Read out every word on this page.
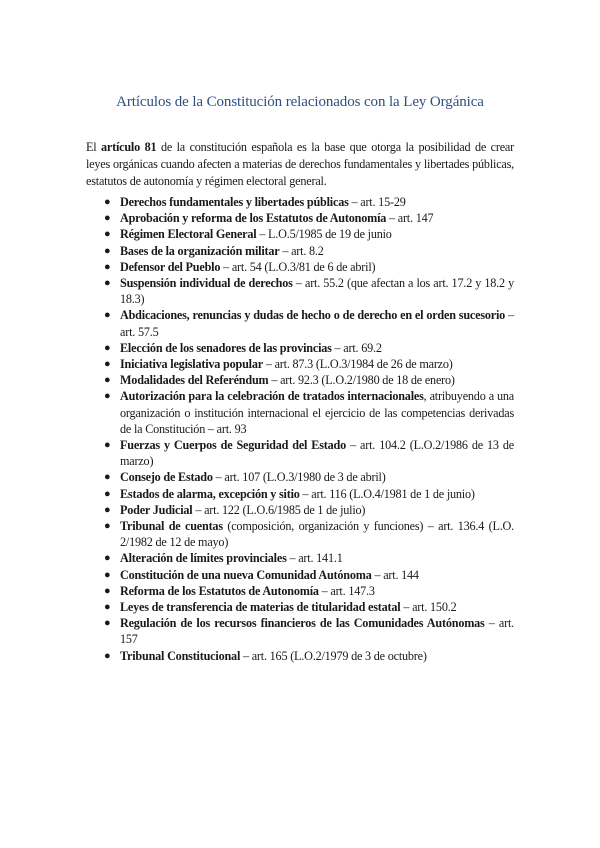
Artículos de la Constitución relacionados con la Ley Orgánica

El artículo 81 de la constitución española es la base que otorga la posibilidad de crear leyes orgánicas cuando afecten a materias de derechos fundamentales y libertades públicas, estatutos de autonomía y régimen electoral general.

● Derechos fundamentales y libertades públicas – art. 15-29
● Aprobación y reforma de los Estatutos de Autonomía – art. 147
● Régimen Electoral General – L.O.5/1985 de 19 de junio
● Bases de la organización militar – art. 8.2
● Defensor del Pueblo – art. 54 (L.O.3/81 de 6 de abril)
● Suspensión individual de derechos – art. 55.2 (que afectan a los art. 17.2 y 18.2 y 18.3)
● Abdicaciones, renuncias y dudas de hecho o de derecho en el orden sucesorio – art. 57.5
● Elección de los senadores de las provincias – art. 69.2
● Iniciativa legislativa popular – art. 87.3 (L.O.3/1984 de 26 de marzo)
● Modalidades del Referéndum – art. 92.3 (L.O.2/1980 de 18 de enero)
● Autorización para la celebración de tratados internacionales, atribuyendo a una organización o institución internacional el ejercicio de las competencias derivadas de la Constitución – art. 93
● Fuerzas y Cuerpos de Seguridad del Estado – art. 104.2 (L.O.2/1986 de 13 de marzo)
● Consejo de Estado – art. 107 (L.O.3/1980 de 3 de abril)
● Estados de alarma, excepción y sitio – art. 116 (L.O.4/1981 de 1 de junio)
● Poder Judicial – art. 122 (L.O.6/1985 de 1 de julio)
● Tribunal de cuentas (composición, organización y funciones) – art. 136.4 (L.O. 2/1982 de 12 de mayo)
● Alteración de límites provinciales – art. 141.1
● Constitución de una nueva Comunidad Autónoma – art. 144
● Reforma de los Estatutos de Autonomía – art. 147.3
● Leyes de transferencia de materias de titularidad estatal – art. 150.2
● Regulación de los recursos financieros de las Comunidades Autónomas – art. 157
● Tribunal Constitucional – art. 165 (L.O.2/1979 de 3 de octubre)
